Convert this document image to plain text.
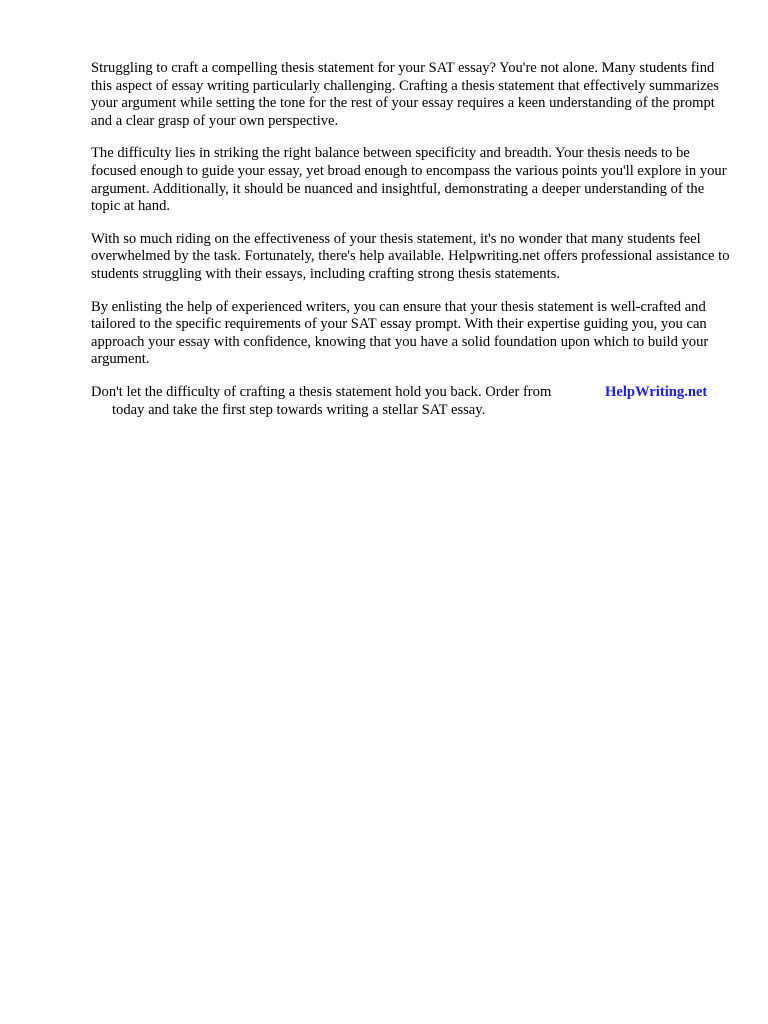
Struggling to craft a compelling thesis statement for your SAT essay? You're not alone. Many students find this aspect of essay writing particularly challenging. Crafting a thesis statement that effectively summarizes your argument while setting the tone for the rest of your essay requires a keen understanding of the prompt and a clear grasp of your own perspective.

The difficulty lies in striking the right balance between specificity and breadth. Your thesis needs to be focused enough to guide your essay, yet broad enough to encompass the various points you'll explore in your argument. Additionally, it should be nuanced and insightful, demonstrating a deeper understanding of the topic at hand.

With so much riding on the effectiveness of your thesis statement, it's no wonder that many students feel overwhelmed by the task. Fortunately, there's help available. Helpwriting.net offers professional assistance to students struggling with their essays, including crafting strong thesis statements.

By enlisting the help of experienced writers, you can ensure that your thesis statement is well-crafted and tailored to the specific requirements of your SAT essay prompt. With their expertise guiding you, you can approach your essay with confidence, knowing that you have a solid foundation upon which to build your argument.

Don't let the difficulty of crafting a thesis statement hold you back. Order from
today and take the first step towards writing a stellar SAT essay.
HelpWriting.net
